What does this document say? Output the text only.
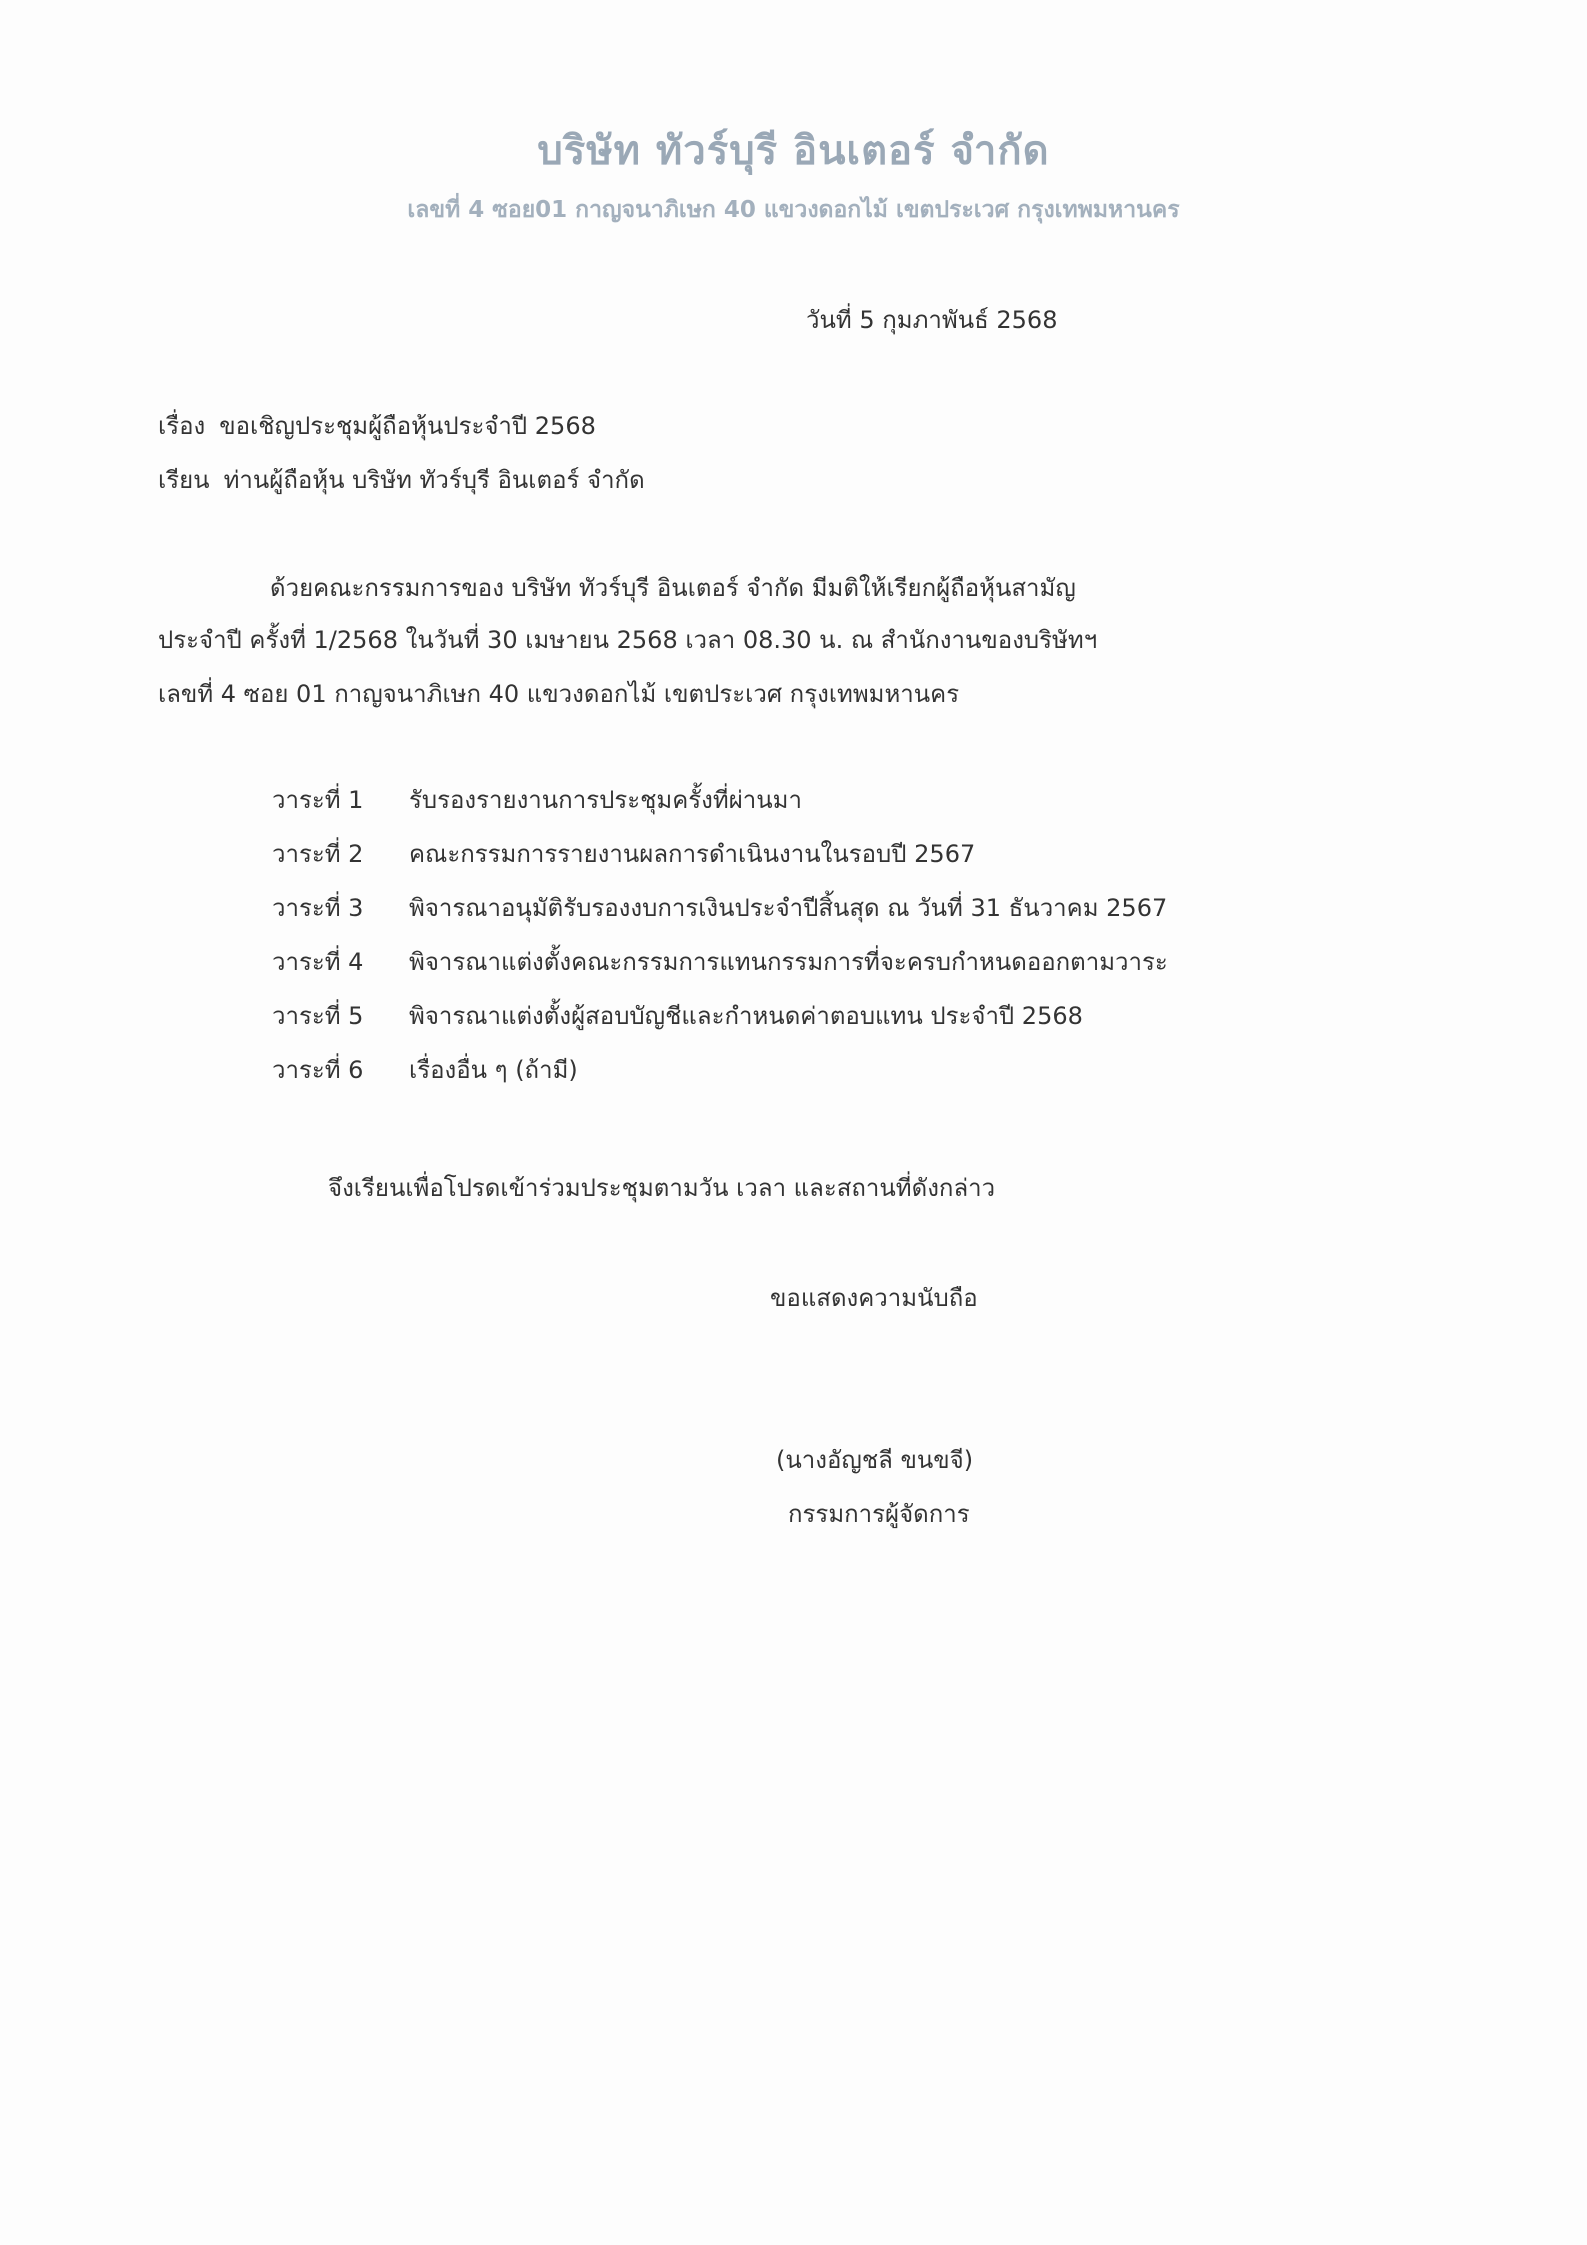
บริษัท ทัวร์บุรี อินเตอร์ จำกัด
เลขที่ 4 ซอย01 กาญจนาภิเษก 40 แขวงดอกไม้ เขตประเวศ กรุงเทพมหานคร
วันที่ 5 กุมภาพันธ์ 2568
เรื่อง ขอเชิญประชุมผู้ถือหุ้นประจำปี 2568
เรียน ท่านผู้ถือหุ้น บริษัท ทัวร์บุรี อินเตอร์ จำกัด
ด้วยคณะกรรมการของ บริษัท ทัวร์บุรี อินเตอร์ จำกัด มีมติให้เรียกผู้ถือหุ้นสามัญ
ประจำปี ครั้งที่ 1/2568 ในวันที่ 30 เมษายน 2568 เวลา 08.30 น. ณ สำนักงานของบริษัทฯ
เลขที่ 4 ซอย 01 กาญจนาภิเษก 40 แขวงดอกไม้ เขตประเวศ กรุงเทพมหานคร
วาระที่ 1	รับรองรายงานการประชุมครั้งที่ผ่านมา
วาระที่ 2	คณะกรรมการรายงานผลการดำเนินงานในรอบปี 2567
วาระที่ 3	พิจารณาอนุมัติรับรองงบการเงินประจำปีสิ้นสุด ณ วันที่ 31 ธันวาคม 2567
วาระที่ 4	พิจารณาแต่งตั้งคณะกรรมการแทนกรรมการที่จะครบกำหนดออกตามวาระ
วาระที่ 5	พิจารณาแต่งตั้งผู้สอบบัญชีและกำหนดค่าตอบแทน ประจำปี 2568
วาระที่ 6	เรื่องอื่น ๆ (ถ้ามี)
จึงเรียนเพื่อโปรดเข้าร่วมประชุมตามวัน เวลา และสถานที่ดังกล่าว
ขอแสดงความนับถือ
(นางอัญชลี ขนขจี)
กรรมการผู้จัดการ
